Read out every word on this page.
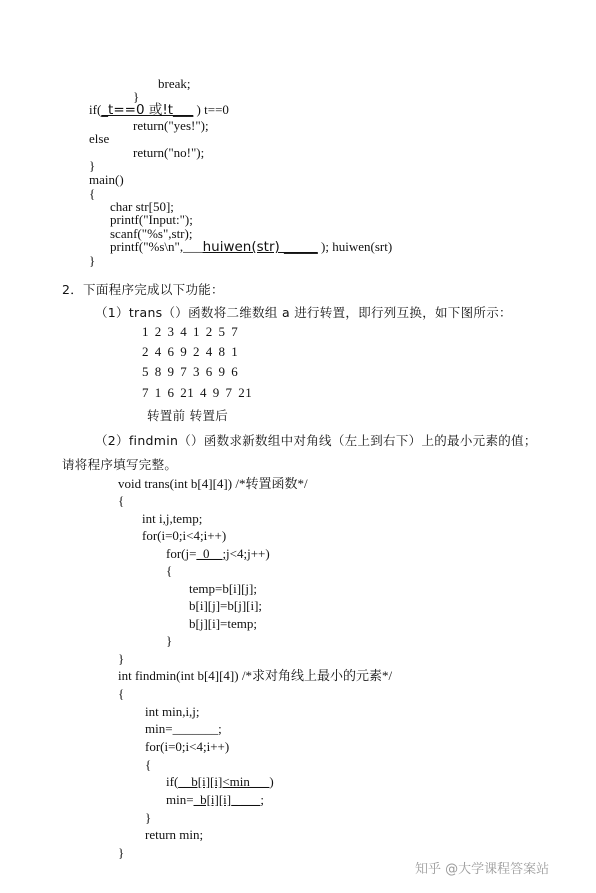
break;
}
if(_t==0 或!t___ ) t==0
return("yes!");
else
return("no!");
}
main()
{
char str[50];
printf("Input:");
scanf("%s",str);
printf("%s\n",___huiwen(str) _____ ); huiwen(srt)
}
2．下面程序完成以下功能：
（1）trans（）函数将二维数组 a 进行转置，即行列互换，如下图所示：
1 2 3 4 1 2 5 7
2 4 6 9 2 4 8 1
5 8 9 7 3 6 9 6
7 1 6 21 4 9 7 21
转置前 转置后
（2）findmin（）函数求新数组中对角线（左上到右下）上的最小元素的值；
请将程序填写完整。
void trans(int b[4][4]) /*转置函数*/
{
int i,j,temp;
for(i=0;i<4;i++)
for(j=_0__;j<4;j++)
{
temp=b[i][j];
b[i][j]=b[j][i];
b[j][i]=temp;
}
}
int findmin(int b[4][4]) /*求对角线上最小的元素*/
{
int min,i,j;
min=_______;
for(i=0;i<4;i++)
{
if(__b[i][i]<min___)
min=_b[i][i]_ ___;
}
return min;
}
知乎 @大学课程答案站
